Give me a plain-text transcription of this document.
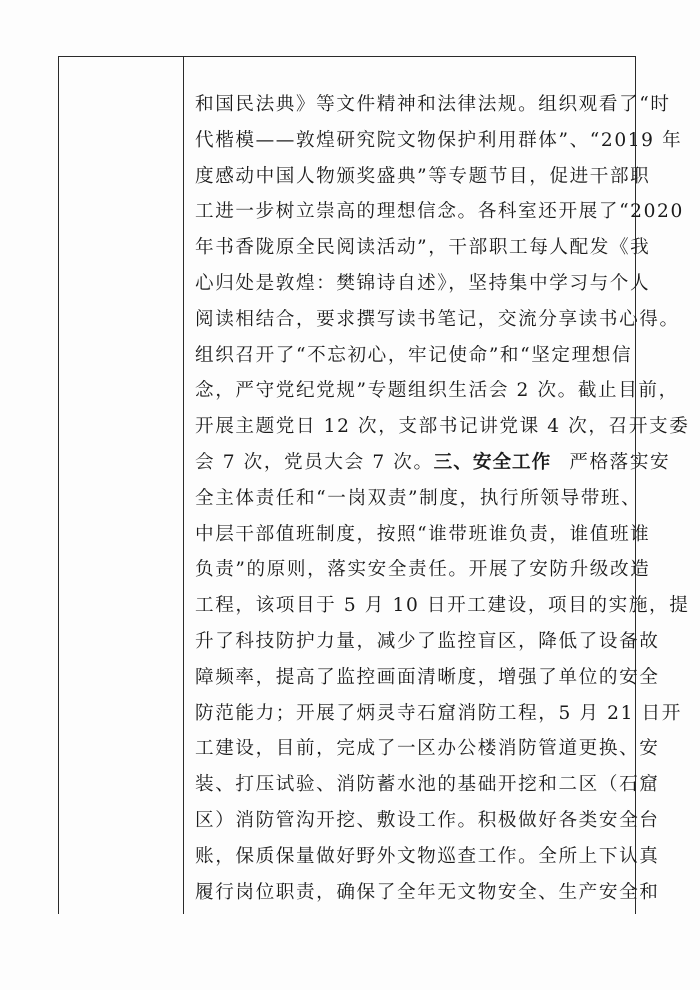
和国民法典》等文件精神和法律法规。组织观看了“时
代楷模——敦煌研究院文物保护利用群体”、“2019 年
度感动中国人物颁奖盛典”等专题节目，促进干部职
工进一步树立崇高的理想信念。各科室还开展了“2020
年书香陇原全民阅读活动”，干部职工每人配发《我
心归处是敦煌：樊锦诗自述》，坚持集中学习与个人
阅读相结合，要求撰写读书笔记，交流分享读书心得。
组织召开了“不忘初心，牢记使命”和“坚定理想信
念，严守党纪党规”专题组织生活会 2 次。截止目前，
开展主题党日 12 次，支部书记讲党课 4 次，召开支委
会 7 次，党员大会 7 次。三、安全工作 严格落实安
全主体责任和“一岗双责”制度，执行所领导带班、
中层干部值班制度，按照“谁带班谁负责，谁值班谁
负责”的原则，落实安全责任。开展了安防升级改造
工程，该项目于 5 月 10 日开工建设，项目的实施，提
升了科技防护力量，减少了监控盲区，降低了设备故
障频率，提高了监控画面清晰度，增强了单位的安全
防范能力；开展了炳灵寺石窟消防工程，5 月 21 日开
工建设，目前，完成了一区办公楼消防管道更换、安
装、打压试验、消防蓄水池的基础开挖和二区（石窟
区）消防管沟开挖、敷设工作。积极做好各类安全台
账，保质保量做好野外文物巡查工作。全所上下认真
履行岗位职责，确保了全年无文物安全、生产安全和
